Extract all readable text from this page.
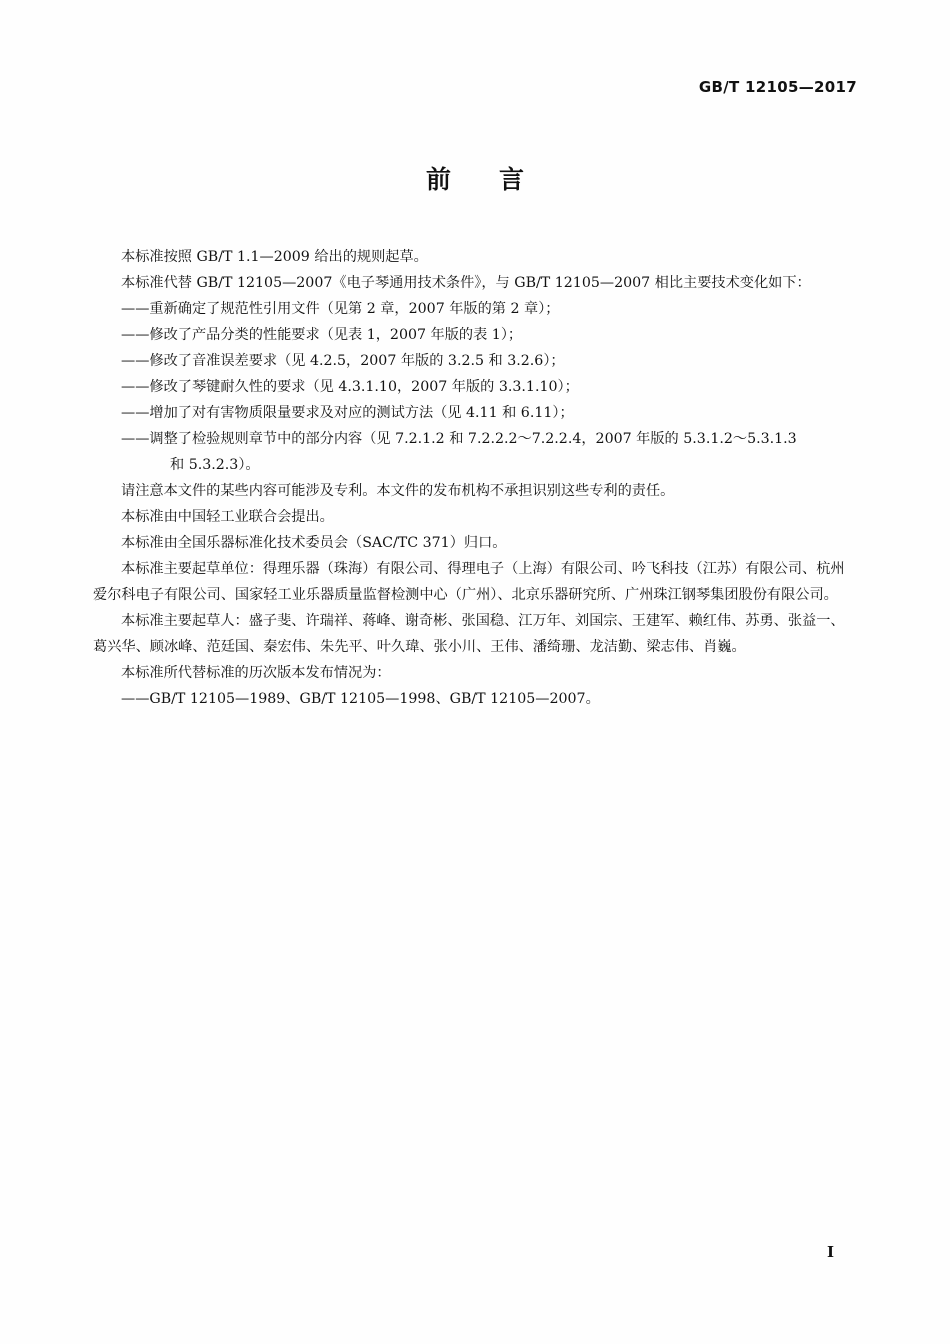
GB/T 12105—2017
前言

本标准按照 GB/T 1.1—2009 给出的规则起草。

本标准代替 GB/T 12105—2007《电子琴通用技术条件》，与 GB/T 12105—2007 相比主要技术变化如下：

——重新确定了规范性引用文件（见第 2 章，2007 年版的第 2 章）；

——修改了产品分类的性能要求（见表 1，2007 年版的表 1）；

——修改了音准误差要求（见 4.2.5，2007 年版的 3.2.5 和 3.2.6）；

——修改了琴键耐久性的要求（见 4.3.1.10，2007 年版的 3.3.1.10）；

——增加了对有害物质限量要求及对应的测试方法（见 4.11 和 6.11）；

——调整了检验规则章节中的部分内容（见 7.2.1.2 和 7.2.2.2～7.2.2.4，2007 年版的 5.3.1.2～5.3.1.3
和 5.3.2.3）。

请注意本文件的某些内容可能涉及专利。本文件的发布机构不承担识别这些专利的责任。

本标准由中国轻工业联合会提出。

本标准由全国乐器标准化技术委员会（SAC/TC 371）归口。

本标准主要起草单位：得理乐器（珠海）有限公司、得理电子（上海）有限公司、吟飞科技（江苏）有限公司、杭州爱尔科电子有限公司、国家轻工业乐器质量监督检测中心（广州）、北京乐器研究所、广州珠江钢琴集团股份有限公司。

本标准主要起草人：盛子斐、许瑞祥、蒋峰、谢奇彬、张国稳、江万年、刘国宗、王建军、赖红伟、苏勇、张益一、葛兴华、顾冰峰、范廷国、秦宏伟、朱先平、叶久瑋、张小川、王伟、潘绮珊、龙洁勤、梁志伟、肖巍。

本标准所代替标准的历次版本发布情况为：

——GB/T 12105—1989、GB/T 12105—1998、GB/T 12105—2007。

I
